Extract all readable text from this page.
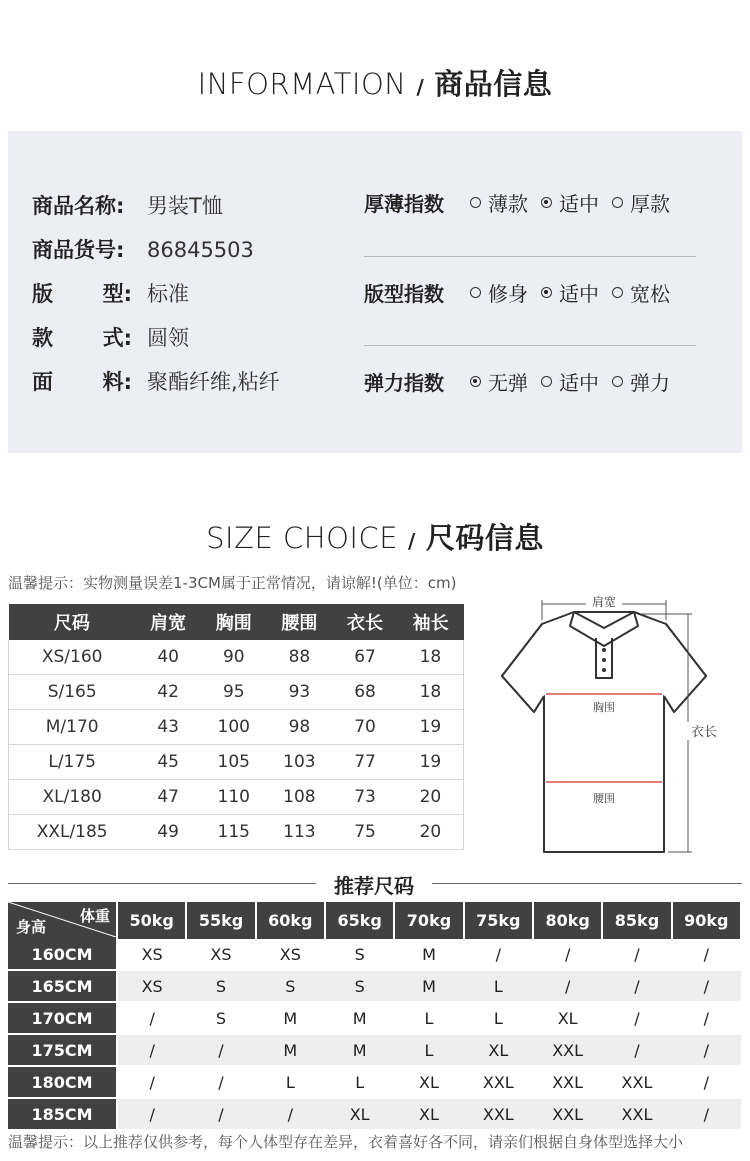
INFORMATION / 商品信息
商品名称:	男装T恤
商品货号:	86845503
版 型: 标准
款 式: 圆领
面 料: 聚酯纤维,粘纤
厚薄指数	薄款 适中 厚款
版型指数	修身 适中 宽松
弹力指数	无弹 适中 弹力
SIZE CHOICE / 尺码信息
温馨提示：实物测量误差1-3CM属于正常情况，请谅解!(单位：cm)
尺码	肩宽	胸围	腰围	衣长	袖长
XS/160	40	90	88	67	18
S/165	42	95	93	68	18
M/170	43	100	98	70	19
L/175	45	105	103	77	19
XL/180	47	110	108	73	20
XXL/185	49	115	113	75	20
肩宽
胸围
腰围
衣长
推荐尺码
体重
身高	50kg	55kg	60kg	65kg	70kg	75kg	80kg	85kg	90kg
160CM	XS	XS	XS	S	M	/	/	/	/
165CM	XS	S	S	S	M	L	/	/	/
170CM	/	S	M	M	L	L	XL	/	/
175CM	/	/	M	M	L	XL	XXL	/	/
180CM	/	/	L	L	XL	XXL	XXL	XXL	/
185CM	/	/	/	XL	XL	XXL	XXL	XXL	/
温馨提示：以上推荐仅供参考，每个人体型存在差异，衣着喜好各不同，请亲们根据自身体型选择大小
